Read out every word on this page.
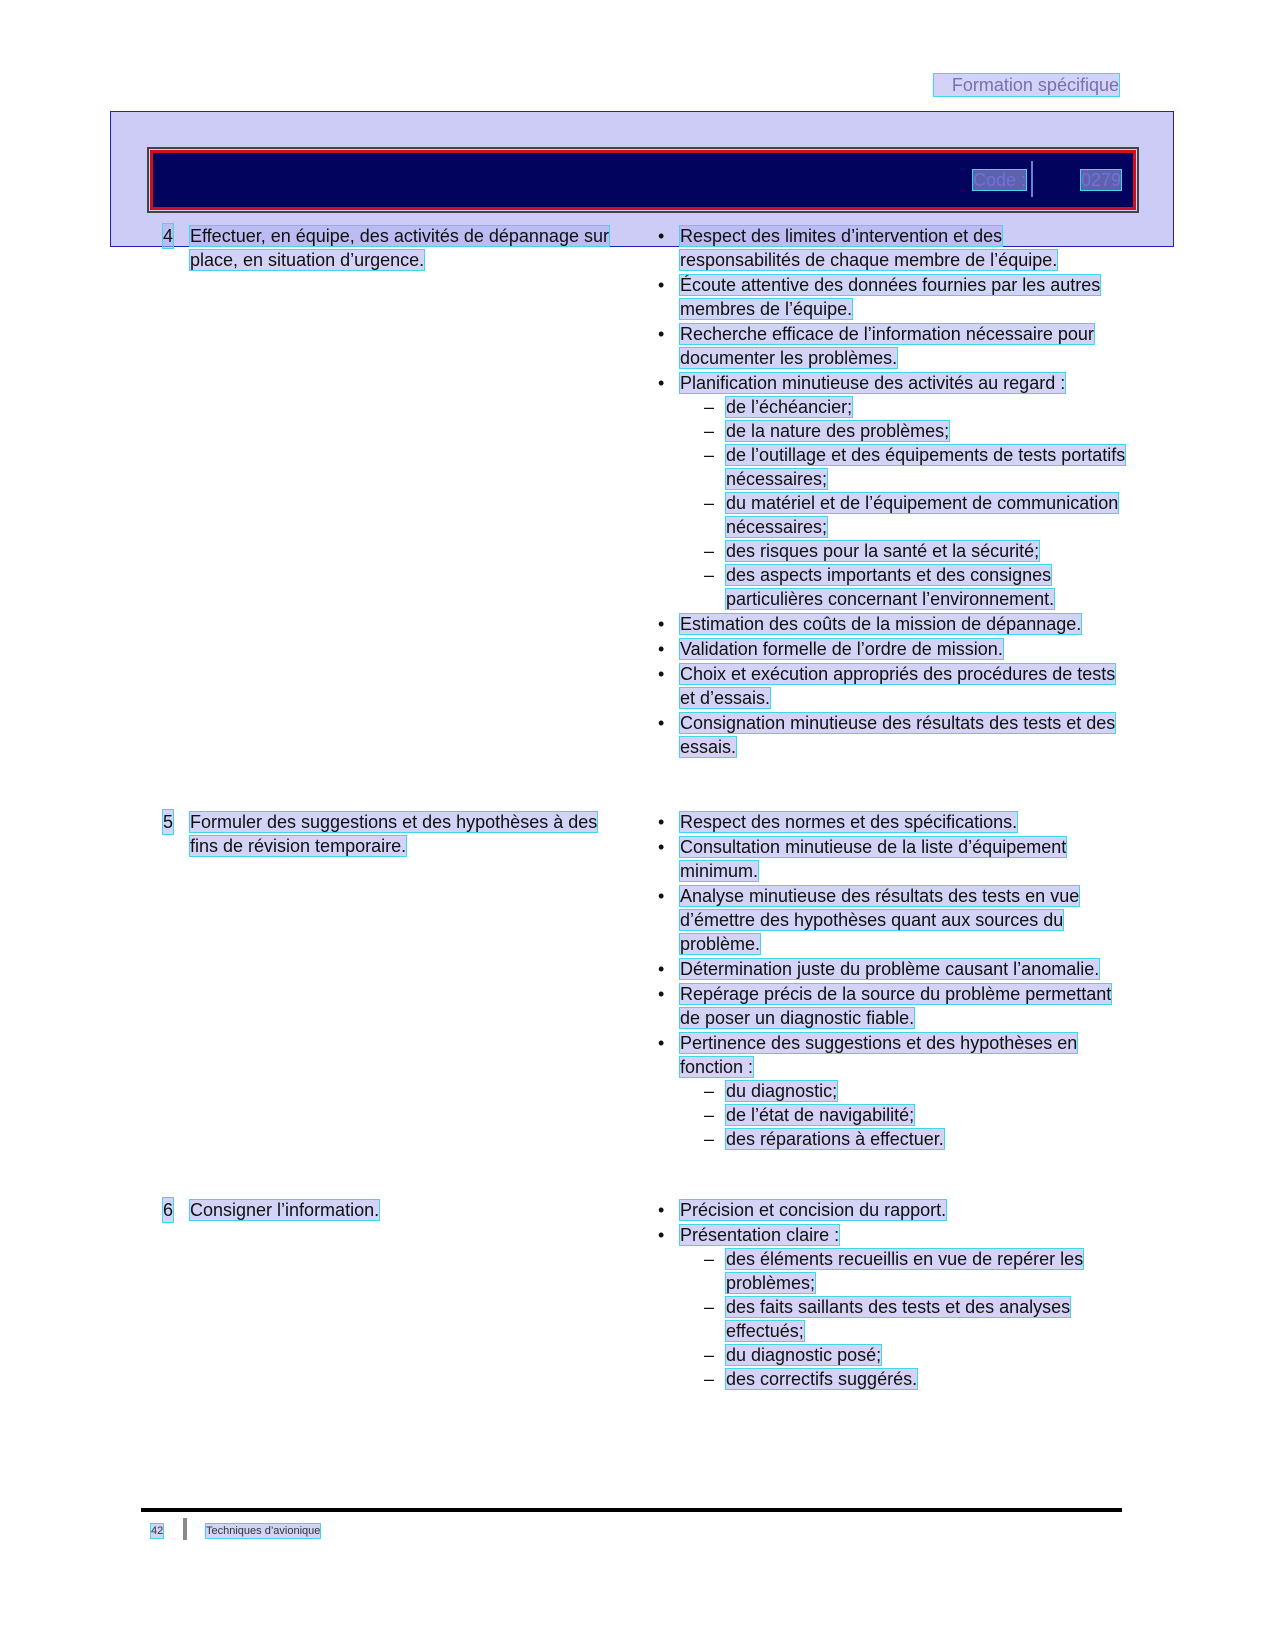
Formation spécifique
Code :	0279
4 Effectuer, en équipe, des activités de dépannage sur place, en situation d’urgence.
• Respect des limites d’intervention et des responsabilités de chaque membre de l’équipe.
• Écoute attentive des données fournies par les autres membres de l’équipe.
• Recherche efficace de l’information nécessaire pour documenter les problèmes.
• Planification minutieuse des activités au regard :
– de l’échéancier;
– de la nature des problèmes;
– de l’outillage et des équipements de tests portatifs nécessaires;
– du matériel et de l’équipement de communication nécessaires;
– des risques pour la santé et la sécurité;
– des aspects importants et des consignes particulières concernant l’environnement.
• Estimation des coûts de la mission de dépannage.
• Validation formelle de l’ordre de mission.
• Choix et exécution appropriés des procédures de tests et d’essais.
• Consignation minutieuse des résultats des tests et des essais.
5 Formuler des suggestions et des hypothèses à des fins de révision temporaire.
• Respect des normes et des spécifications.
• Consultation minutieuse de la liste d’équipement minimum.
• Analyse minutieuse des résultats des tests en vue d’émettre des hypothèses quant aux sources du problème.
• Détermination juste du problème causant l’anomalie.
• Repérage précis de la source du problème permettant de poser un diagnostic fiable.
• Pertinence des suggestions et des hypothèses en fonction :
– du diagnostic;
– de l’état de navigabilité;
– des réparations à effectuer.
6 Consigner l’information.
•	Précision et concision du rapport.
• Présentation claire :
– des éléments recueillis en vue de repérer les problèmes;
– des faits saillants des tests et des analyses effectués;
– du diagnostic posé;
– des correctifs suggérés.
42	Techniques d’avionique
